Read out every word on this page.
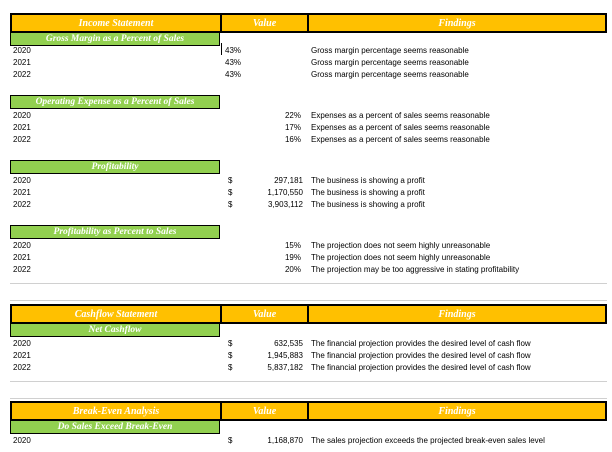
Income Statement	Value	Findings
Gross Margin as a Percent of Sales
2020	43%	Gross margin percentage seems reasonable
2021	43%	Gross margin percentage seems reasonable
2022	43%	Gross margin percentage seems reasonable
Operating Expense as a Percent of Sales
2020	22% Expenses as a percent of sales seems reasonable
2021	17% Expenses as a percent of sales seems reasonable
2022	16% Expenses as a percent of sales seems reasonable
Profitability
2020	$	297,181 The business is showing a profit
2021	$	1,170,550 The business is showing a profit
2022	$	3,903,112 The business is showing a profit
Profitability as Percent to Sales
2020	15% The projection does not seem highly unreasonable
2021	19% The projection does not seem highly unreasonable
2022	20% The projection may be too aggressive in stating profitability
Cashflow Statement	Value	Findings
Net Cashflow
2020	$	632,535 The financial projection provides the desired level of cash flow
2021	$	1,945,883 The financial projection provides the desired level of cash flow
2022	$	5,837,182 The financial projection provides the desired level of cash flow
Break-Even Analysis	Value	Findings
Do Sales Exceed Break-Even
2020	$	1,168,870 The sales projection exceeds the projected break-even sales level
